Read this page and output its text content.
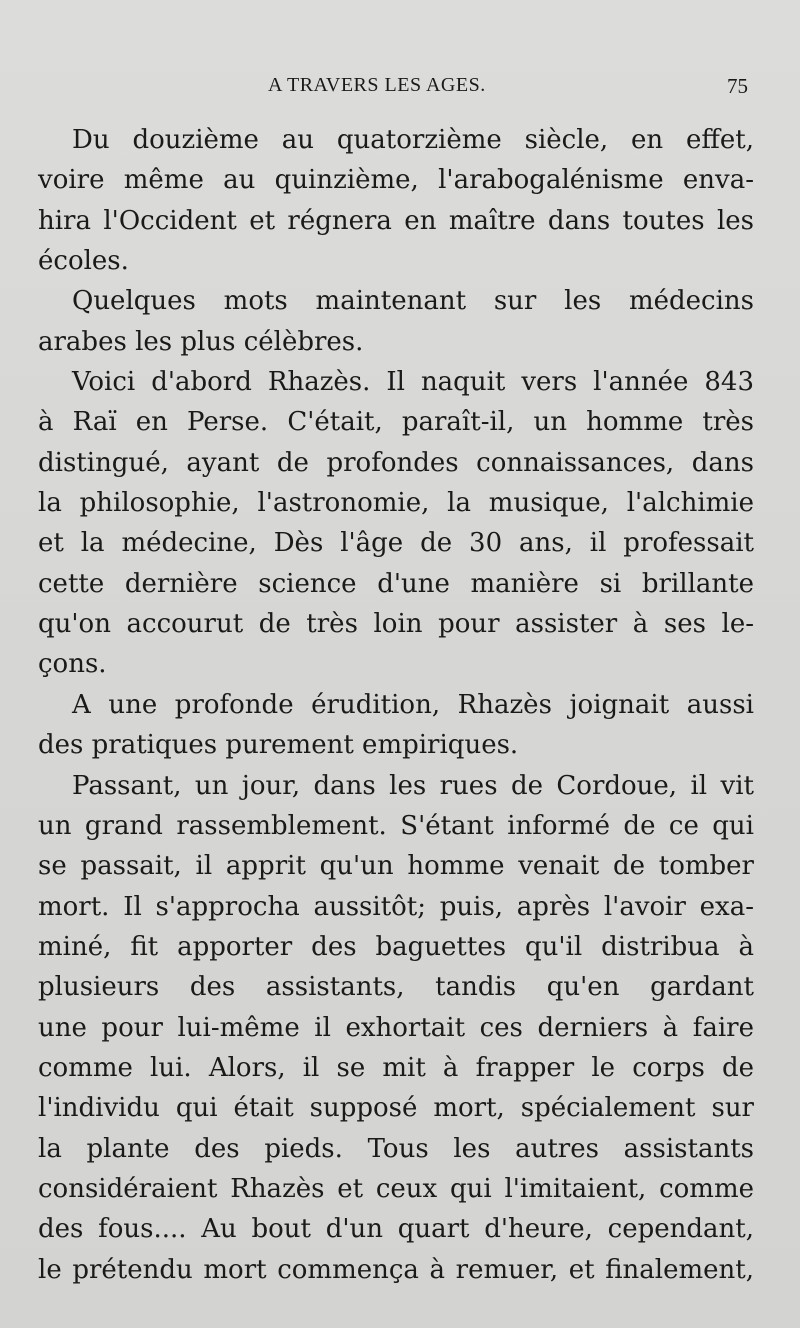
A TRAVERS LES AGES.	75
Du douzième au quatorzième siècle, en effet,
voire même au quinzième, l'arabogalénisme enva-
hira l'Occident et régnera en maître dans toutes les
écoles.
Quelques mots maintenant sur les médecins
arabes les plus célèbres.
Voici d'abord Rhazès. Il naquit vers l'année 843
à Raï en Perse. C'était, paraît-il, un homme très
distingué, ayant de profondes connaissances, dans
la philosophie, l'astronomie, la musique, l'alchimie
et la médecine, Dès l'âge de 30 ans, il professait
cette dernière science d'une manière si brillante
qu'on accourut de très loin pour assister à ses le-
çons.
A une profonde érudition, Rhazès joignait aussi
des pratiques purement empiriques.
Passant, un jour, dans les rues de Cordoue, il vit
un grand rassemblement. S'étant informé de ce qui
se passait, il apprit qu'un homme venait de tomber
mort. Il s'approcha aussitôt; puis, après l'avoir exa-
miné, fit apporter des baguettes qu'il distribua à
plusieurs des assistants, tandis qu'en gardant
une pour lui-même il exhortait ces derniers à faire
comme lui. Alors, il se mit à frapper le corps de
l'individu qui était supposé mort, spécialement sur
la plante des pieds. Tous les autres assistants
considéraient Rhazès et ceux qui l'imitaient, comme
des fous.... Au bout d'un quart d'heure, cependant,
le prétendu mort commença à remuer, et finalement,
